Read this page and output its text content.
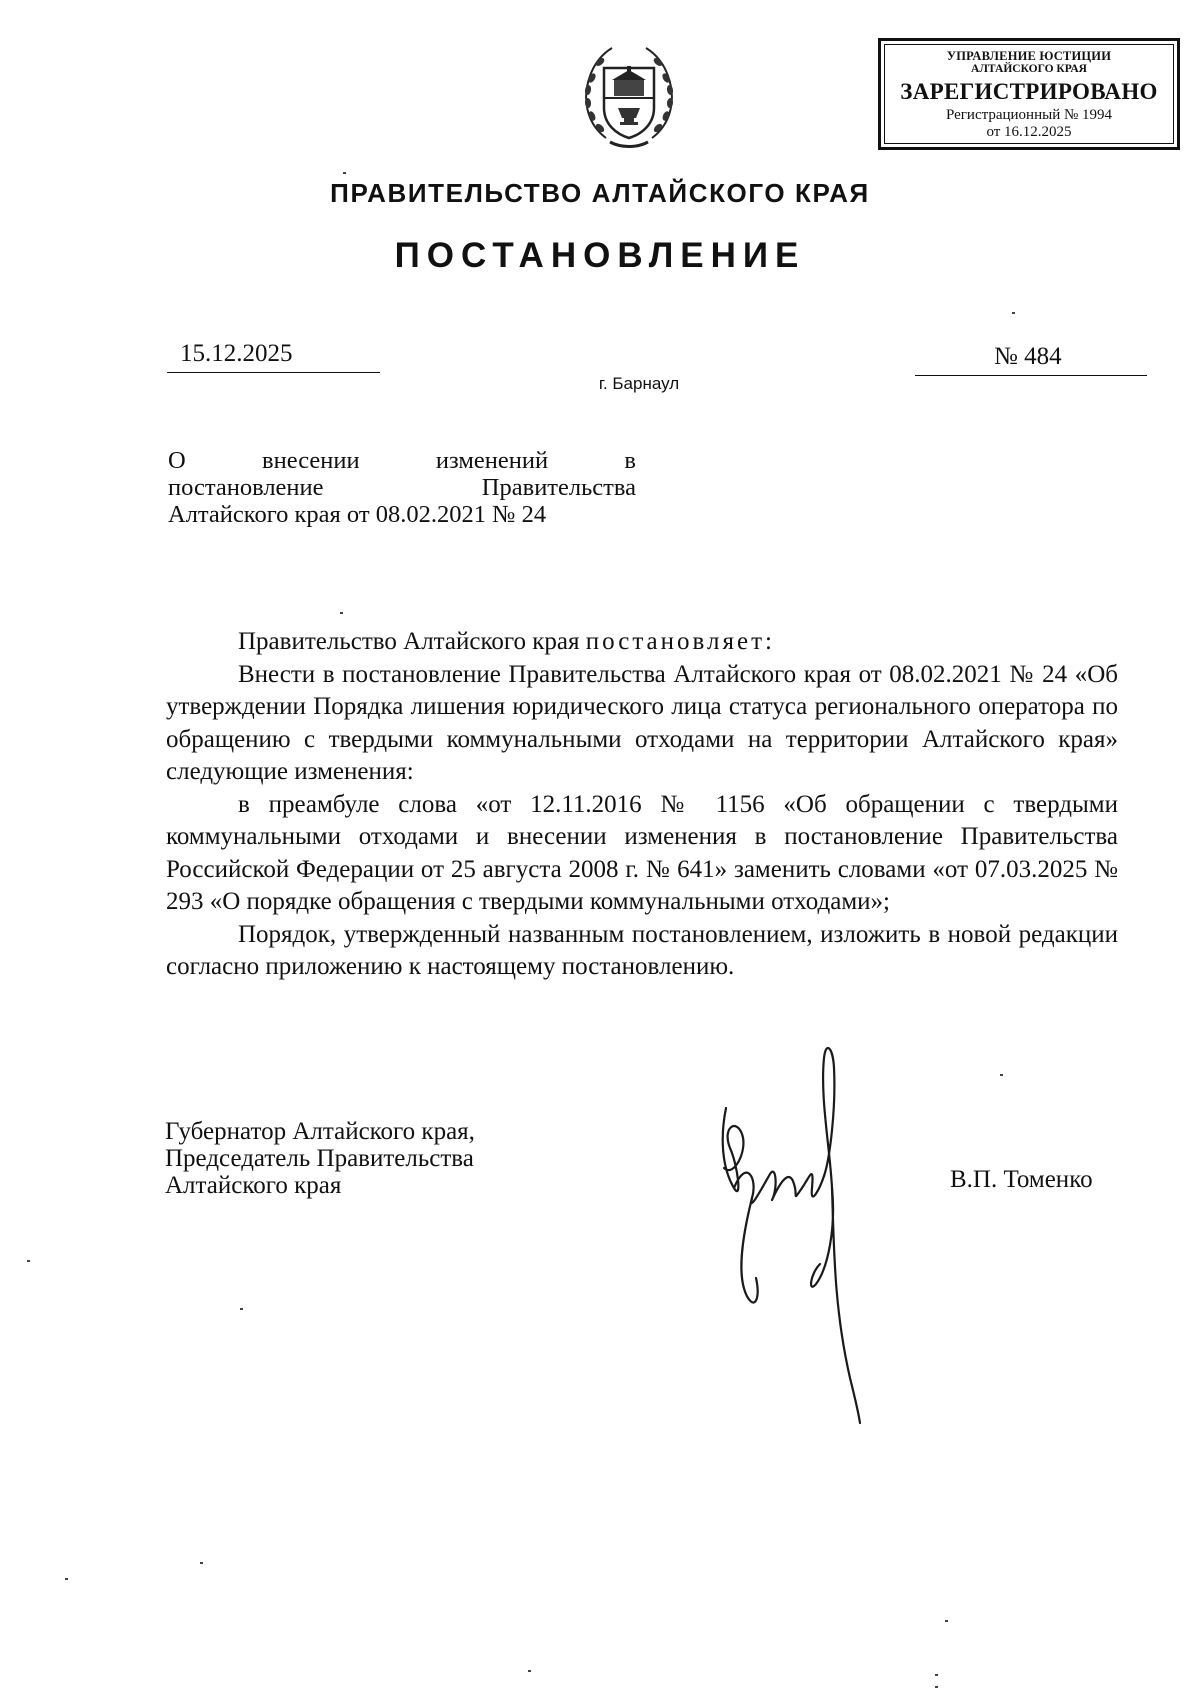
УПРАВЛЕНИЕ ЮСТИЦИИ
АЛТАЙСКОГО КРАЯ
ЗАРЕГИСТРИРОВАНО
Регистрационный № 1994
от 16.12.2025
ПРАВИТЕЛЬСТВО АЛТАЙСКОГО КРАЯ
ПОСТАНОВЛЕНИЕ
15.12.2025	№ 484
г. Барнаул
О внесении изменений в
постановление Правительства
Алтайского края от 08.02.2021 № 24

Правительство Алтайского края постановляет:

Внести в постановление Правительства Алтайского края от 08.02.2021 № 24 «Об утверждении Порядка лишения юридического лица статуса регионального оператора по обращению с твердыми коммунальными отходами на территории Алтайского края» следующие изменения:

в преамбуле слова «от 12.11.2016 № 1156 «Об обращении с твердыми коммунальными отходами и внесении изменения в постановление Правительства Российской Федерации от 25 августа 2008 г. № 641» заменить словами «от 07.03.2025 № 293 «О порядке обращения с твердыми коммунальными отходами»;

Порядок, утвержденный названным постановлением, изложить в новой редакции согласно приложению к настоящему постановлению.

Губернатор Алтайского края,
Председатель Правительства
Алтайского края	В.П. Томенко
